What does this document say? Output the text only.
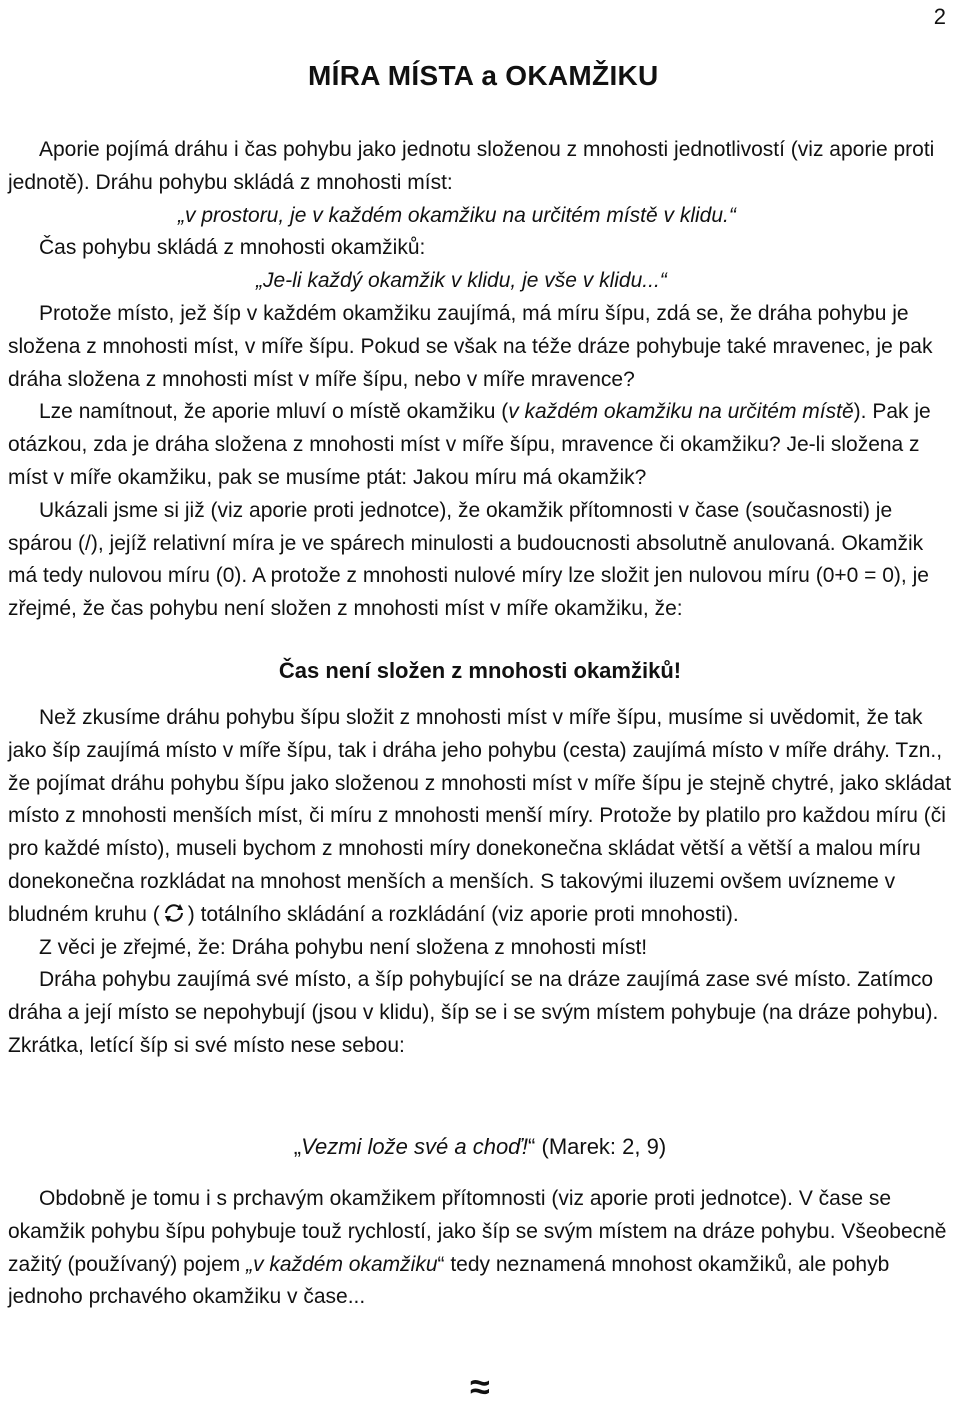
2
MÍRA MÍSTA a OKAMŽIKU
Aporie pojímá dráhu i čas pohybu jako jednotu složenou z mnohosti jednotlivostí (viz aporie proti jednotě). Dráhu pohybu skládá z mnohosti míst:
„v prostoru, je v každém okamžiku na určitém místě v klidu.“
Čas pohybu skládá z mnohosti okamžiků:
„Je-li každý okamžik v klidu, je vše v klidu...“
Protože místo, jež šíp v každém okamžiku zaujímá, má míru šípu, zdá se, že dráha pohybu je složena z mnohosti míst, v míře šípu. Pokud se však na téže dráze pohybuje také mravenec, je pak dráha složena z mnohosti míst v míře šípu, nebo v míře mravence?
Lze namítnout, že aporie mluví o místě okamžiku (v každém okamžiku na určitém místě). Pak je otázkou, zda je dráha složena z mnohosti míst v míře šípu, mravence či okamžiku? Je-li složena z míst v míře okamžiku, pak se musíme ptát: Jakou míru má okamžik?
Ukázali jsme si již (viz aporie proti jednotce), že okamžik přítomnosti v čase (současnosti) je spárou (/), jejíž relativní míra je ve spárech minulosti a budoucnosti absolutně anulovaná. Okamžik má tedy nulovou míru (0). A protože z mnohosti nulové míry lze složit jen nulovou míru (0+0 = 0), je zřejmé, že čas pohybu není složen z mnohosti míst v míře okamžiku, že:
Čas není složen z mnohosti okamžiků!
Než zkusíme dráhu pohybu šípu složit z mnohosti míst v míře šípu, musíme si uvědomit, že tak jako šíp zaujímá místo v míře šípu, tak i dráha jeho pohybu (cesta) zaujímá místo v míře dráhy. Tzn., že pojímat dráhu pohybu šípu jako složenou z mnohosti míst v míře šípu je stejně chytré, jako skládat místo z mnohosti menších míst, či míru z mnohosti menší míry. Protože by platilo pro každou míru (či pro každé místo), museli bychom z mnohosti míry donekonečna skládat větší a větší a malou míru donekonečna rozkládat na mnohost menších a menších. S takovými iluzemi ovšem uvízneme v bludném kruhu ( ) totálního skládání a rozkládání (viz aporie proti mnohosti).
Z věci je zřejmé, že: Dráha pohybu není složena z mnohosti míst!
Dráha pohybu zaujímá své místo, a šíp pohybující se na dráze zaujímá zase své místo. Zatímco dráha a její místo se nepohybují (jsou v klidu), šíp se i se svým místem pohybuje (na dráze pohybu). Zkrátka, letící šíp si své místo nese sebou:
„Vezmi lože své a choď!“ (Marek: 2, 9)
Obdobně je tomu i s prchavým okamžikem přítomnosti (viz aporie proti jednotce). V čase se okamžik pohybu šípu pohybuje touž rychlostí, jako šíp se svým místem na dráze pohybu. Všeobecně zažitý (používaný) pojem „v každém okamžiku“ tedy neznamená mnohost okamžiků, ale pohyb jednoho prchavého okamžiku v čase...
≈
